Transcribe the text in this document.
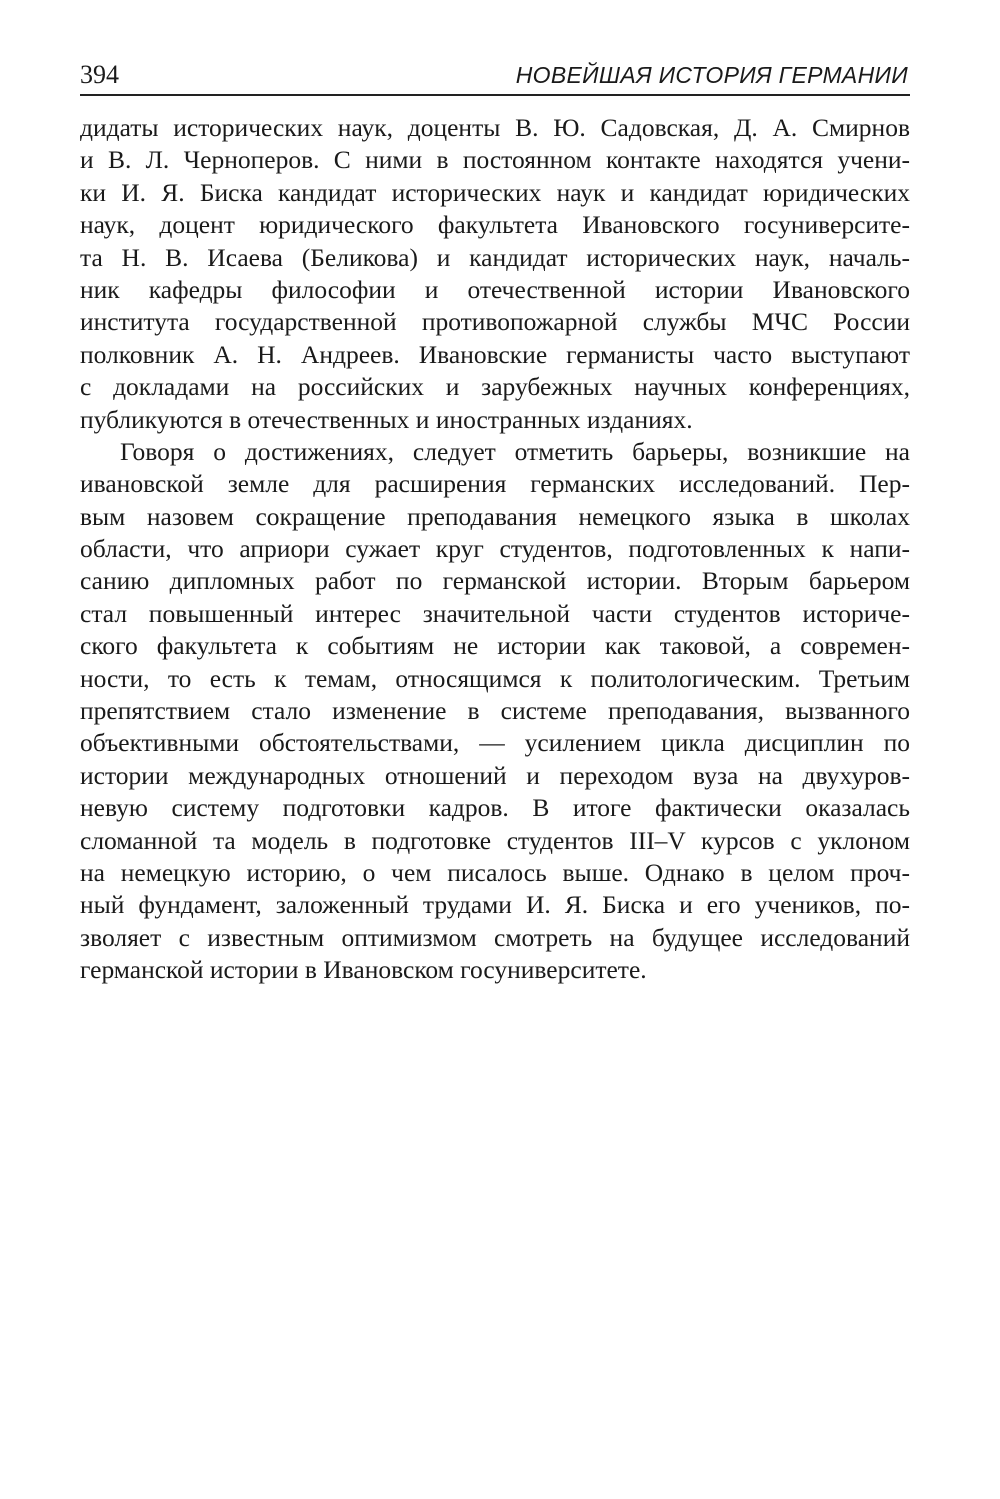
394	НОВЕЙШАЯ ИСТОРИЯ ГЕРМАНИИ

дидаты исторических наук, доценты В. Ю. Садовская, Д. А. Смирнов
и В. Л. Черноперов. С ними в постоянном контакте находятся учени-
ки И. Я. Биска кандидат исторических наук и кандидат юридических
наук, доцент юридического факультета Ивановского госуниверсите-
та Н. В. Исаева (Беликова) и кандидат исторических наук, началь-
ник кафедры философии и отечественной истории Ивановского
института государственной противопожарной службы МЧС России
полковник А. Н. Андреев. Ивановские германисты часто выступают
с докладами на российских и зарубежных научных конференциях,
публикуются в отечественных и иностранных изданиях.

Говоря о достижениях, следует отметить барьеры, возникшие на
ивановской земле для расширения германских исследований. Пер-
вым назовем сокращение преподавания немецкого языка в школах
области, что априори сужает круг студентов, подготовленных к напи-
санию дипломных работ по германской истории. Вторым барьером
стал повышенный интерес значительной части студентов историче-
ского факультета к событиям не истории как таковой, а современ-
ности, то есть к темам, относящимся к политологическим. Третьим
препятствием стало изменение в системе преподавания, вызванного
объективными обстоятельствами, — усилением цикла дисциплин по
истории международных отношений и переходом вуза на двухуров-
невую систему подготовки кадров. В итоге фактически оказалась
сломанной та модель в подготовке студентов III–V курсов с уклоном
на немецкую историю, о чем писалось выше. Однако в целом проч-
ный фундамент, заложенный трудами И. Я. Биска и его учеников, по-
зволяет с известным оптимизмом смотреть на будущее исследований
германской истории в Ивановском госуниверситете.
